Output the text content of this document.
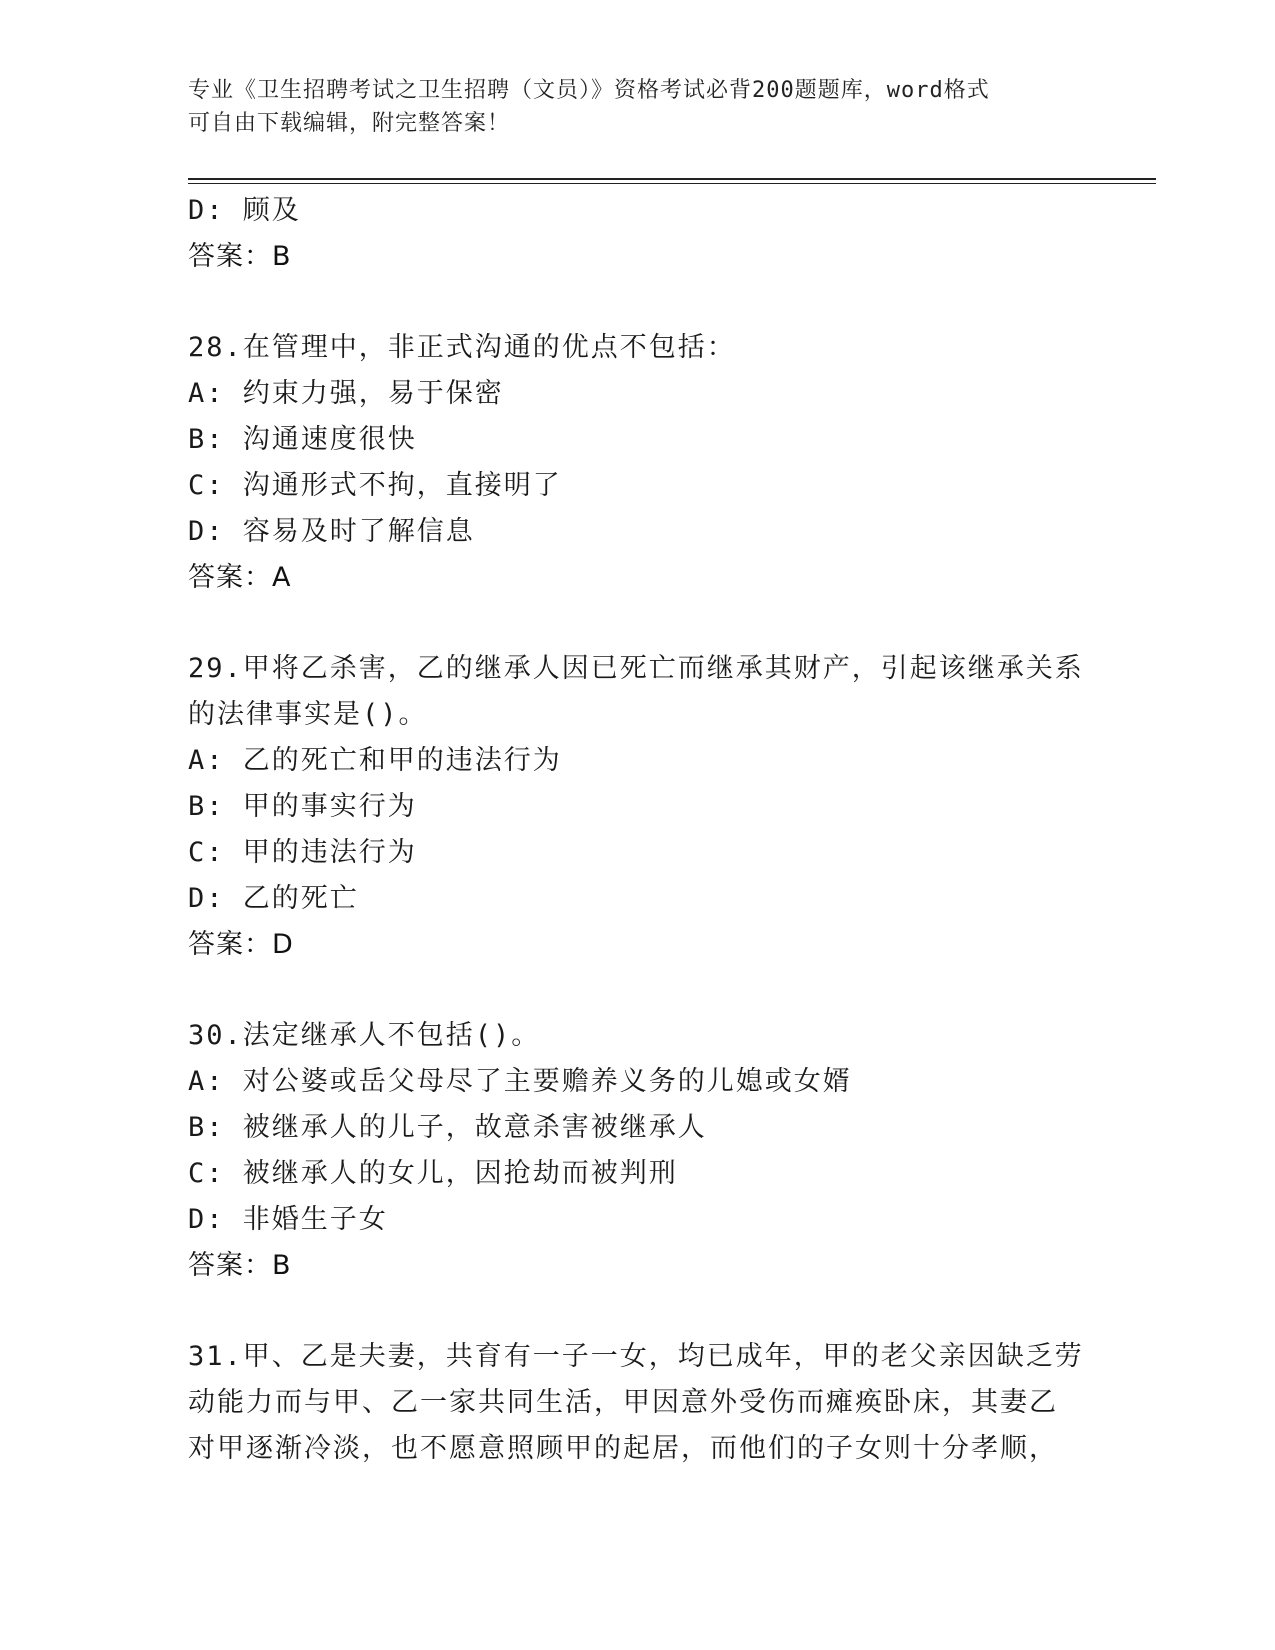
专业《卫生招聘考试之卫生招聘（文员）》资格考试必背200题题库，word格式
可自由下载编辑，附完整答案！
D: 顾及
答案：B
28.在管理中，非正式沟通的优点不包括：
A: 约束力强，易于保密
B: 沟通速度很快
C: 沟通形式不拘，直接明了
D: 容易及时了解信息
答案：A
29.甲将乙杀害，乙的继承人因已死亡而继承其财产，引起该继承关系
的法律事实是()。
A: 乙的死亡和甲的违法行为
B: 甲的事实行为
C: 甲的违法行为
D: 乙的死亡
答案：D
30.法定继承人不包括()。
A: 对公婆或岳父母尽了主要赡养义务的儿媳或女婿
B: 被继承人的儿子，故意杀害被继承人
C: 被继承人的女儿，因抢劫而被判刑
D: 非婚生子女
答案：B
31.甲、乙是夫妻，共育有一子一女，均已成年，甲的老父亲因缺乏劳
动能力而与甲、乙一家共同生活，甲因意外受伤而瘫痪卧床，其妻乙
对甲逐渐冷淡，也不愿意照顾甲的起居，而他们的子女则十分孝顺，
